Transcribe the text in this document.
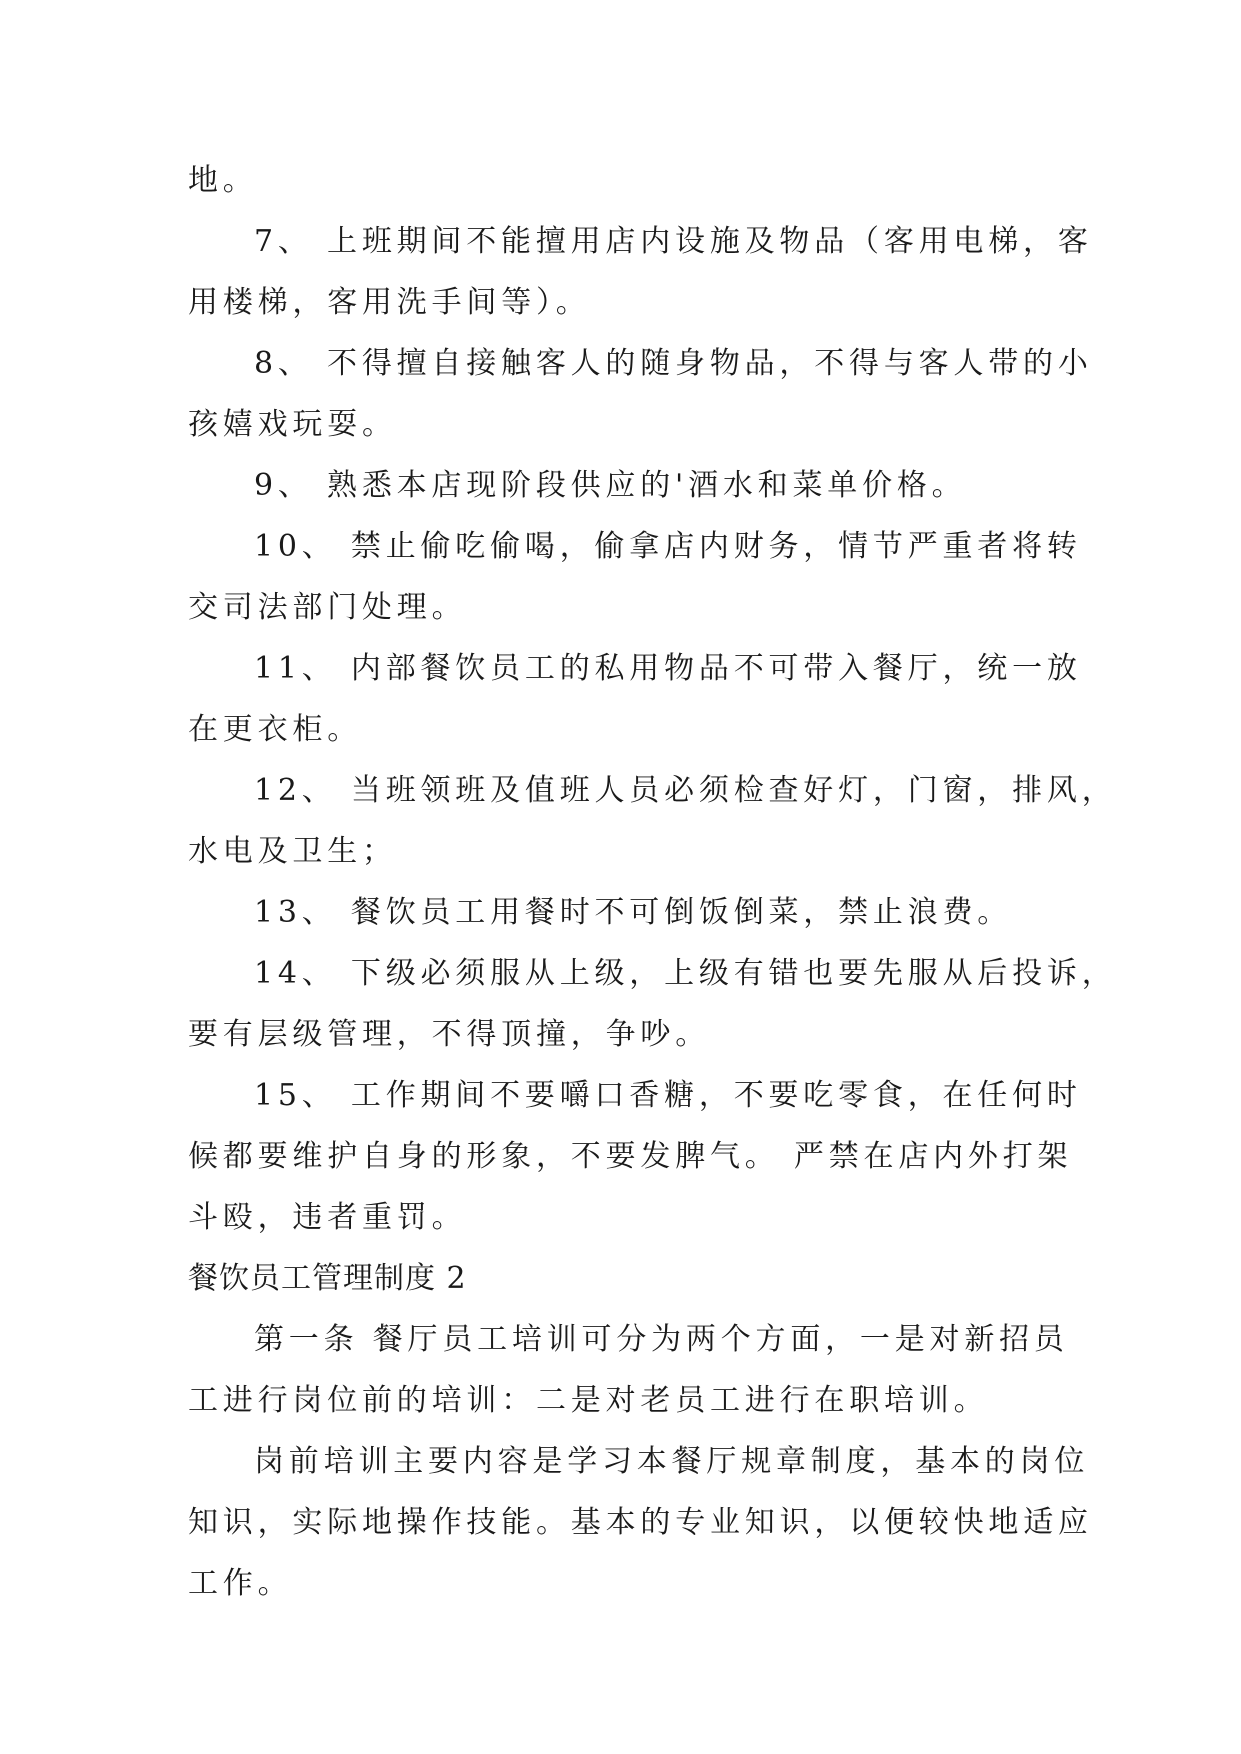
地。
7、 上班期间不能擅用店内设施及物品（客用电梯，客
用楼梯，客用洗手间等）。
8、 不得擅自接触客人的随身物品，不得与客人带的小
孩嬉戏玩耍。
9、 熟悉本店现阶段供应的'酒水和菜单价格。
10、 禁止偷吃偷喝，偷拿店内财务，情节严重者将转
交司法部门处理。
11、 内部餐饮员工的私用物品不可带入餐厅，统一放
在更衣柜。
12、 当班领班及值班人员必须检查好灯，门窗，排风，
水电及卫生；
13、 餐饮员工用餐时不可倒饭倒菜，禁止浪费。
14、 下级必须服从上级，上级有错也要先服从后投诉，
要有层级管理，不得顶撞，争吵。
15、 工作期间不要嚼口香糖，不要吃零食，在任何时
候都要维护自身的形象，不要发脾气。 严禁在店内外打架
斗殴，违者重罚。
餐饮员工管理制度 2
第一条 餐厅员工培训可分为两个方面，一是对新招员
工进行岗位前的培训：二是对老员工进行在职培训。
岗前培训主要内容是学习本餐厅规章制度，基本的岗位
知识，实际地操作技能。基本的专业知识，以便较快地适应
工作。
